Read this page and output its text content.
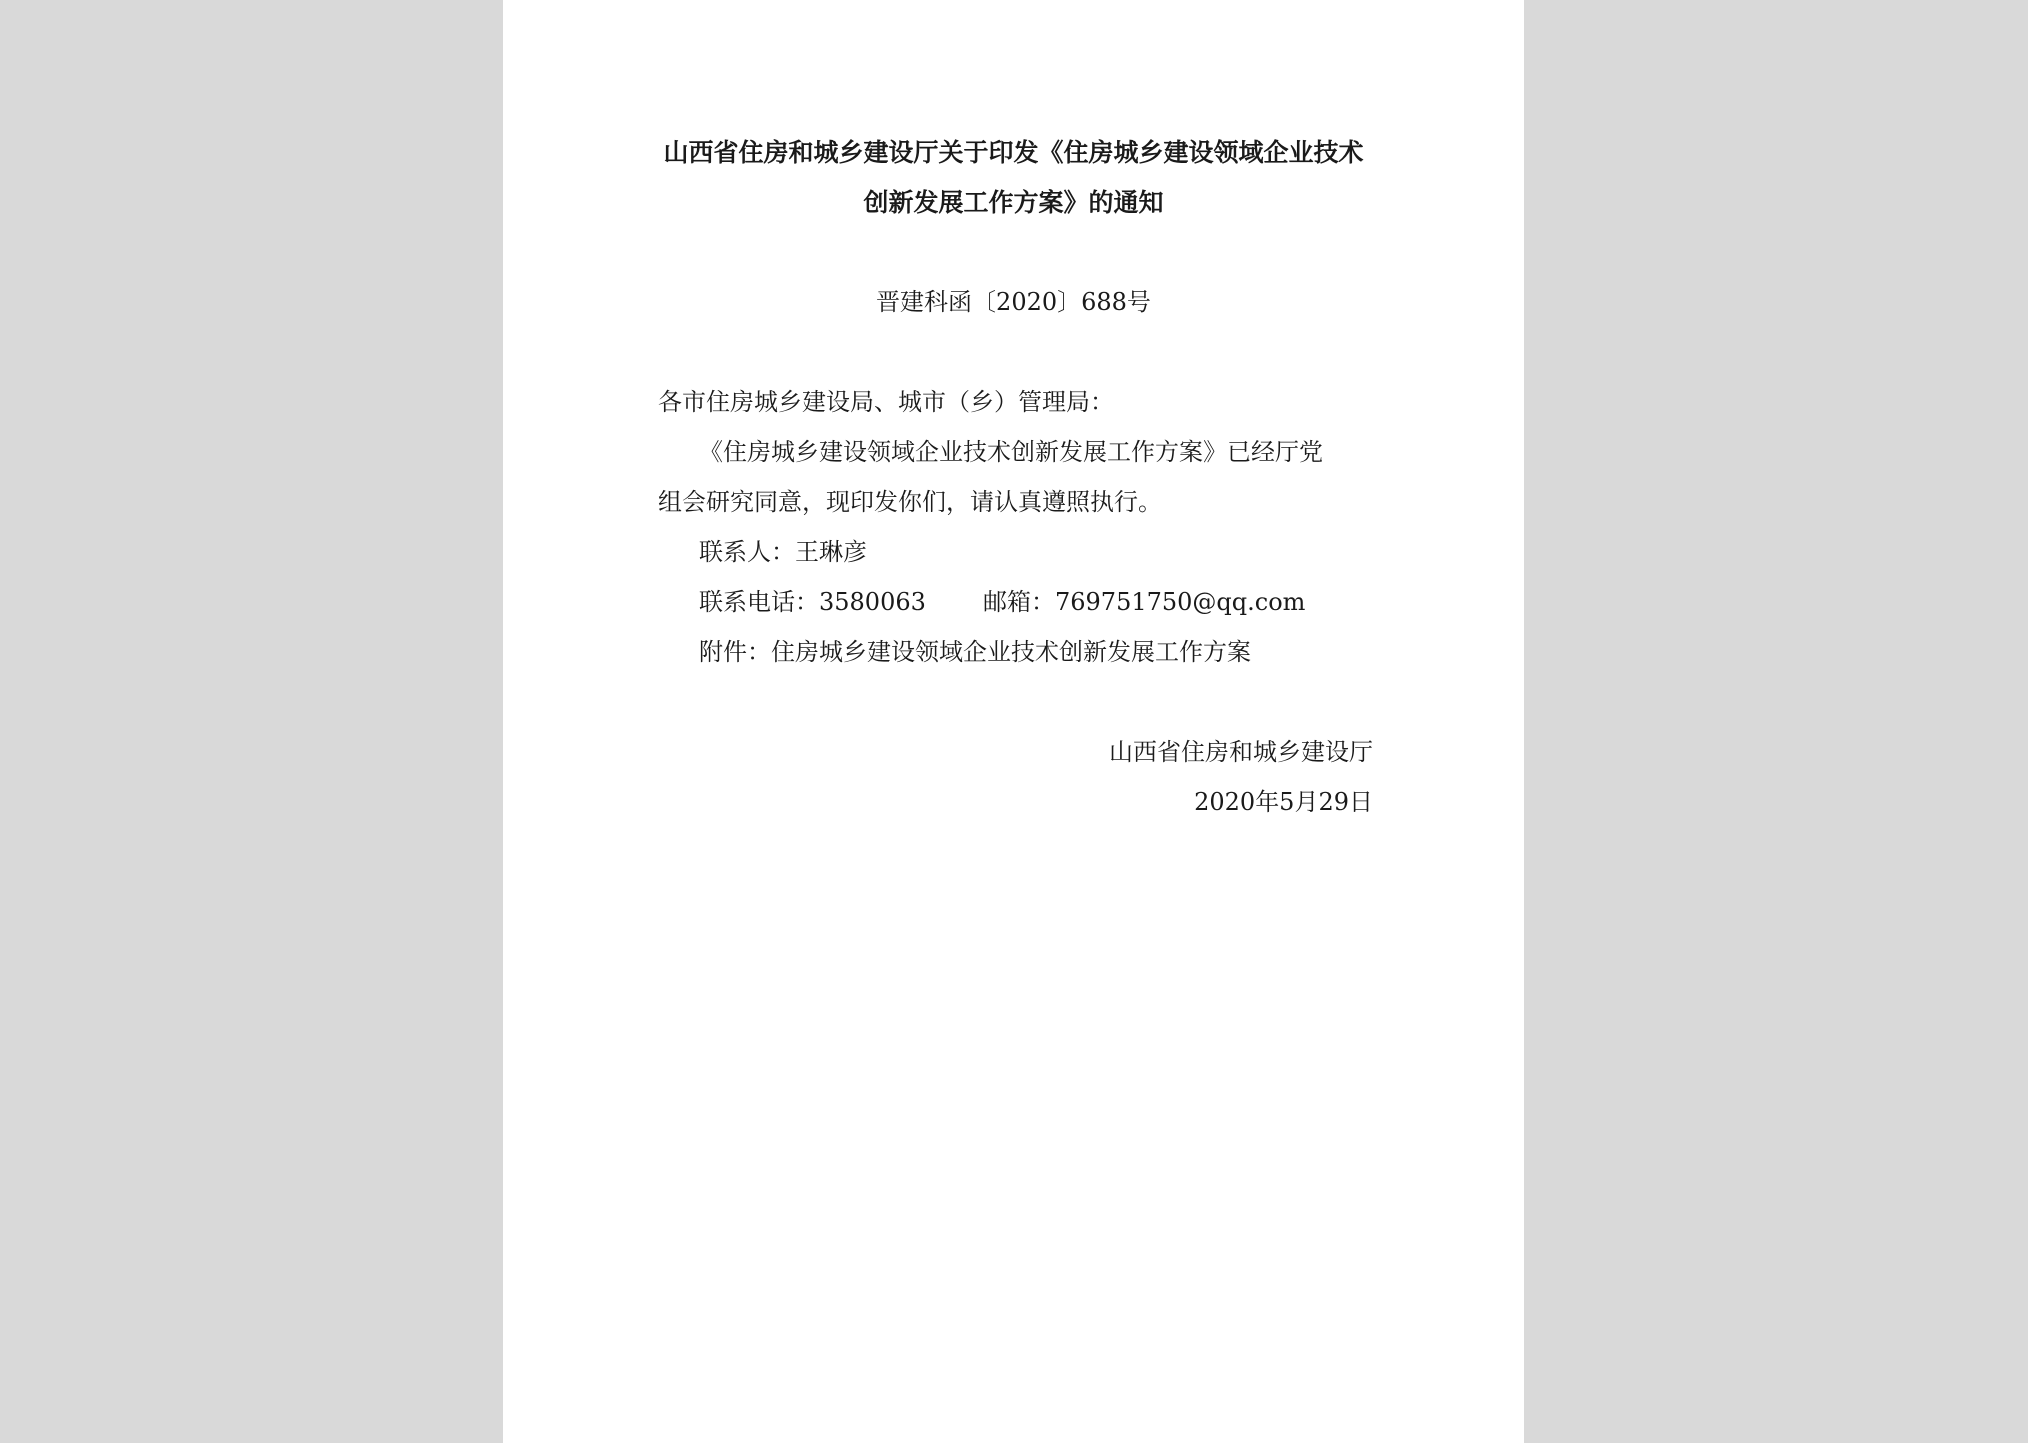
山西省住房和城乡建设厅关于印发《住房城乡建设领域企业技术
创新发展工作方案》的通知
晋建科函〔2020〕688号
各市住房城乡建设局、城市（乡）管理局：
《住房城乡建设领域企业技术创新发展工作方案》已经厅党
组会研究同意，现印发你们，请认真遵照执行。
联系人：王琳彦
联系电话：3580063 邮箱：769751750@qq.com
附件：住房城乡建设领域企业技术创新发展工作方案
山西省住房和城乡建设厅
2020年5月29日
